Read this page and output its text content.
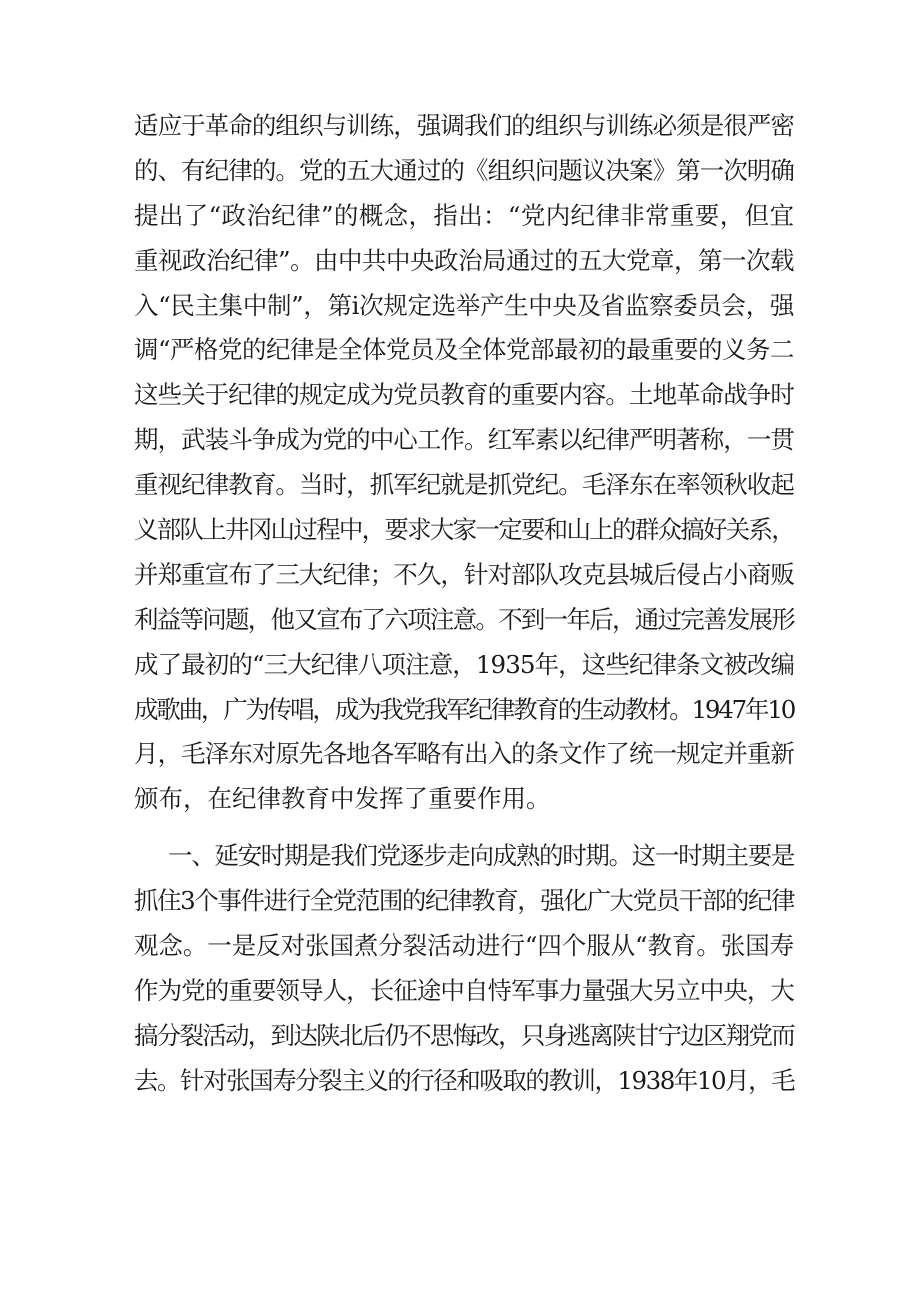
适应于革命的组织与训练，强调我们的组织与训练必须是很严密
的、有纪律的。党的五大通过的《组织问题议决案》第一次明确
提出了“政治纪律”的概念，指出：“党内纪律非常重要，但宜
重视政治纪律”。由中共中央政治局通过的五大党章，第一次载
入“民主集中制”，第i次规定选举产生中央及省监察委员会，强
调“严格党的纪律是全体党员及全体党部最初的最重要的义务二
这些关于纪律的规定成为党员教育的重要内容。土地革命战争时
期，武装斗争成为党的中心工作。红军素以纪律严明著称，一贯
重视纪律教育。当时，抓军纪就是抓党纪。毛泽东在率领秋收起
义部队上井冈山过程中，要求大家一定要和山上的群众搞好关系，
并郑重宣布了三大纪律；不久，针对部队攻克县城后侵占小商贩
利益等问题，他又宣布了六项注意。不到一年后，通过完善发展形
成了最初的“三大纪律八项注意，1935年，这些纪律条文被改编
成歌曲，广为传唱，成为我党我军纪律教育的生动教材。1947年10
月，毛泽东对原先各地各军略有出入的条文作了统一规定并重新
颁布，在纪律教育中发挥了重要作用。
一、延安时期是我们党逐步走向成熟的时期。这一时期主要是
抓住3个事件进行全党范围的纪律教育，强化广大党员干部的纪律
观念。一是反对张国煮分裂活动进行“四个服从“教育。张国寿
作为党的重要领导人，长征途中自恃军事力量强大另立中央，大
搞分裂活动，到达陕北后仍不思悔改，只身逃离陕甘宁边区翔党而
去。针对张国寿分裂主义的行径和吸取的教训，1938年10月，毛
